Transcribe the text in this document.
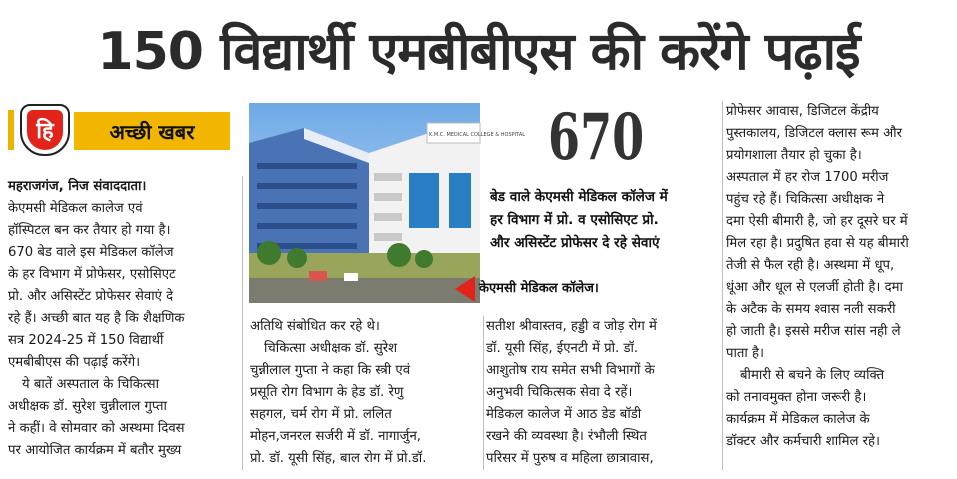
150 विद्यार्थी एमबीबीएस की करेंगे पढ़ाई
हि	अच्छी खबर

महराजगंज, निज संवाददाता।

केएमसी मेडिकल कालेज एवं

हॉस्पिटल बन कर तैयार हो गया है।

670 बेड वाले इस मेडिकल कॉलेज

के हर विभाग में प्रोफेसर, एसोसिएट

प्रो. और असिस्टेंट प्रोफेसर सेवाएं दे

रहे हैं। अच्छी बात यह है कि शैक्षणिक

सत्र 2024-25 में 150 विद्यार्थी

एमबीबीएस की पढ़ाई करेंगे।

ये बातें अस्पताल के चिकित्सा

अधीक्षक डॉ. सुरेश चुन्नीलाल गुप्ता

ने कहीं। वे सोमवार को अस्थमा दिवस

पर आयोजित कार्यक्रम में बतौर मुख्य

K.M.C. MEDICAL COLLEGE & HOSPITAL 670
बेड वाले केएमसी मेडिकल कॉलेज में
हर विभाग में प्रो. व एसोसिएट प्रो.
और असिस्टेंट प्रोफेसर दे रहे सेवाएं
केएमसी मेडिकल कॉलेज।

अतिथि संबोधित कर रहे थे।

चिकित्सा अधीक्षक डॉ. सुरेश

चुन्नीलाल गुप्ता ने कहा कि स्त्री एवं

प्रसूति रोग विभाग के हेड डॉ. रेणु

सहगल, चर्म रोग में प्रो. ललित

मोहन,जनरल सर्जरी में डॉ. नागार्जुन,

प्रो. डॉ. यूसी सिंह, बाल रोग में प्रो.डॉ.

सतीश श्रीवास्तव, हड्डी व जोड़ रोग में

डॉ. यूसी सिंह, ईएनटी में प्रो. डॉ.

आशुतोष राय समेत सभी विभागों के

अनुभवी चिकित्सक सेवा दे रहें।

मेडिकल कालेज में आठ डेड बॉडी

रखने की व्यवस्था है। रंभौली स्थित

परिसर में पुरुष व महिला छात्रावास,

प्रोफेसर आवास, डिजिटल केंद्रीय

पुस्तकालय, डिजिटल क्लास रूम और

प्रयोगशाला तैयार हो चुका है।

अस्पताल में हर रोज 1700 मरीज

पहुंच रहे हैं। चिकित्सा अधीक्षक ने

दमा ऐसी बीमारी है, जो हर दूसरे घर में

मिल रहा है। प्रदुषित हवा से यह बीमारी

तेजी से फैल रही है। अस्थमा में धूप,

धूंआ और धूल से एलर्जी होती है। दमा

के अटैक के समय श्वास नली सकरी

हो जाती है। इससे मरीज सांस नही ले

पाता है।

बीमारी से बचने के लिए व्यक्ति

को तनावमुक्त होना जरूरी है।

कार्यक्रम में मेडिकल कालेज के

डॉक्टर और कर्मचारी शामिल रहे।
